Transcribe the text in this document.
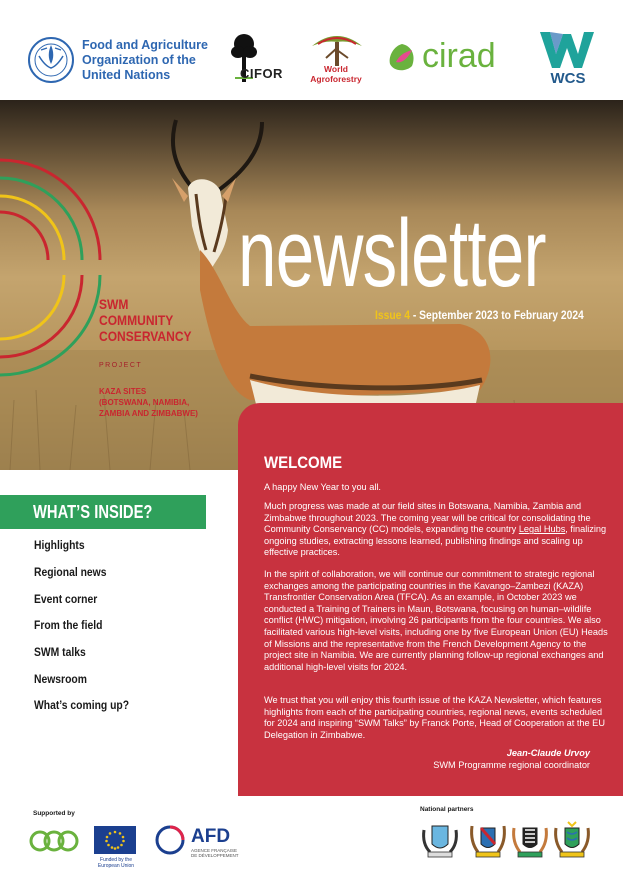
Food and Agriculture
Organization of the
United Nations	CIFOR	World
Agroforestry
cirad
WCS
SWM
COMMUNITY
CONSERVANCY
PROJECT
KAZA SITES
(BOTSWANA, NAMIBIA,
ZAMBIA AND ZIMBABWE)
newsletter
Issue 4 - September 2023 to February 2024
WELCOME

A happy New Year to you all.

Much progress was made at our field sites in Botswana, Namibia, Zambia and Zimbabwe throughout 2023. The coming year will be critical for consolidating the Community Conservancy (CC) models, expanding the country Legal Hubs, finalizing ongoing studies, extracting lessons learned, publishing findings and scaling up effective practices.

In the spirit of collaboration, we will continue our commitment to strategic regional exchanges among the participating countries in the Kavango–Zambezi (KAZA) Transfrontier Conservation Area (TFCA). As an example, in October 2023 we conducted a Training of Trainers in Maun, Botswana, focusing on human–wildlife conflict (HWC) mitigation, involving 26 participants from the four countries. We also facilitated various high-level visits, including one by five European Union (EU) Heads of Missions and the representative from the French Development Agency to the project site in Namibia. We are currently planning follow-up regional exchanges and additional high-level visits for 2024.

We trust that you will enjoy this fourth issue of the KAZA Newsletter, which features highlights from each of the participating countries, regional news, events scheduled for 2024 and inspiring “SWM Talks” by Franck Porte, Head of Cooperation at the EU Delegation in Zimbabwe.

Jean-Claude Urvoy
SWM Programme regional coordinator
WHAT’S INSIDE?
Highlights
Regional news
Event corner
From the field
SWM talks
Newsroom
What’s coming up?
Supported by
Funded by the
European Union
AFD
AGENCE FRANÇAISE
DE DÉVELOPPEMENT
National partners
